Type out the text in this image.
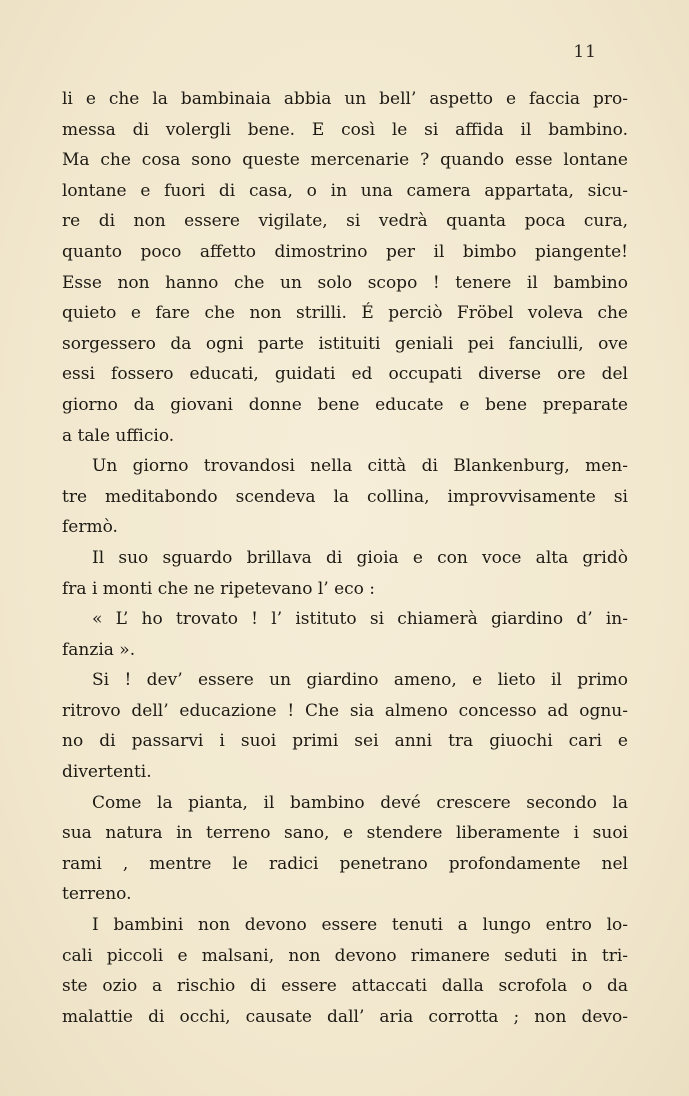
11
li e che la bambinaia abbia un bell’ aspetto e faccia pro-
messa di volergli bene. E così le si affida il bambino.
Ma che cosa sono queste mercenarie ? quando esse lontane
lontane e fuori di casa, o in una camera appartata, sicu-
re di non essere vigilate, si vedrà quanta poca cura,
quanto poco affetto dimostrino per il bimbo piangente!
Esse non hanno che un solo scopo ! tenere il bambino
quieto e fare che non strilli. É perciò Fröbel voleva che
sorgessero da ogni parte istituiti geniali pei fanciulli, ove
essi fossero educati, guidati ed occupati diverse ore del
giorno da giovani donne bene educate e bene preparate
a tale ufficio.
Un giorno trovandosi nella città di Blankenburg, men-
tre meditabondo scendeva la collina, improvvisamente si
fermò.
Il suo sguardo brillava di gioia e con voce alta gridò
fra i monti che ne ripetevano l’ eco :
« L’ ho trovato ! l’ istituto si chiamerà giardino d’ in-
fanzia ».
Si ! dev’ essere un giardino ameno, e lieto il primo
ritrovo dell’ educazione ! Che sia almeno concesso ad ognu-
no di passarvi i suoi primi sei anni tra giuochi cari e
divertenti.
Come la pianta, il bambino devé crescere secondo la
sua natura in terreno sano, e stendere liberamente i suoi
rami , mentre le radici penetrano profondamente nel
terreno.
I bambini non devono essere tenuti a lungo entro lo-
cali piccoli e malsani, non devono rimanere seduti in tri-
ste ozio a rischio di essere attaccati dalla scrofola o da
malattie di occhi, causate dall’ aria corrotta ; non devo-
